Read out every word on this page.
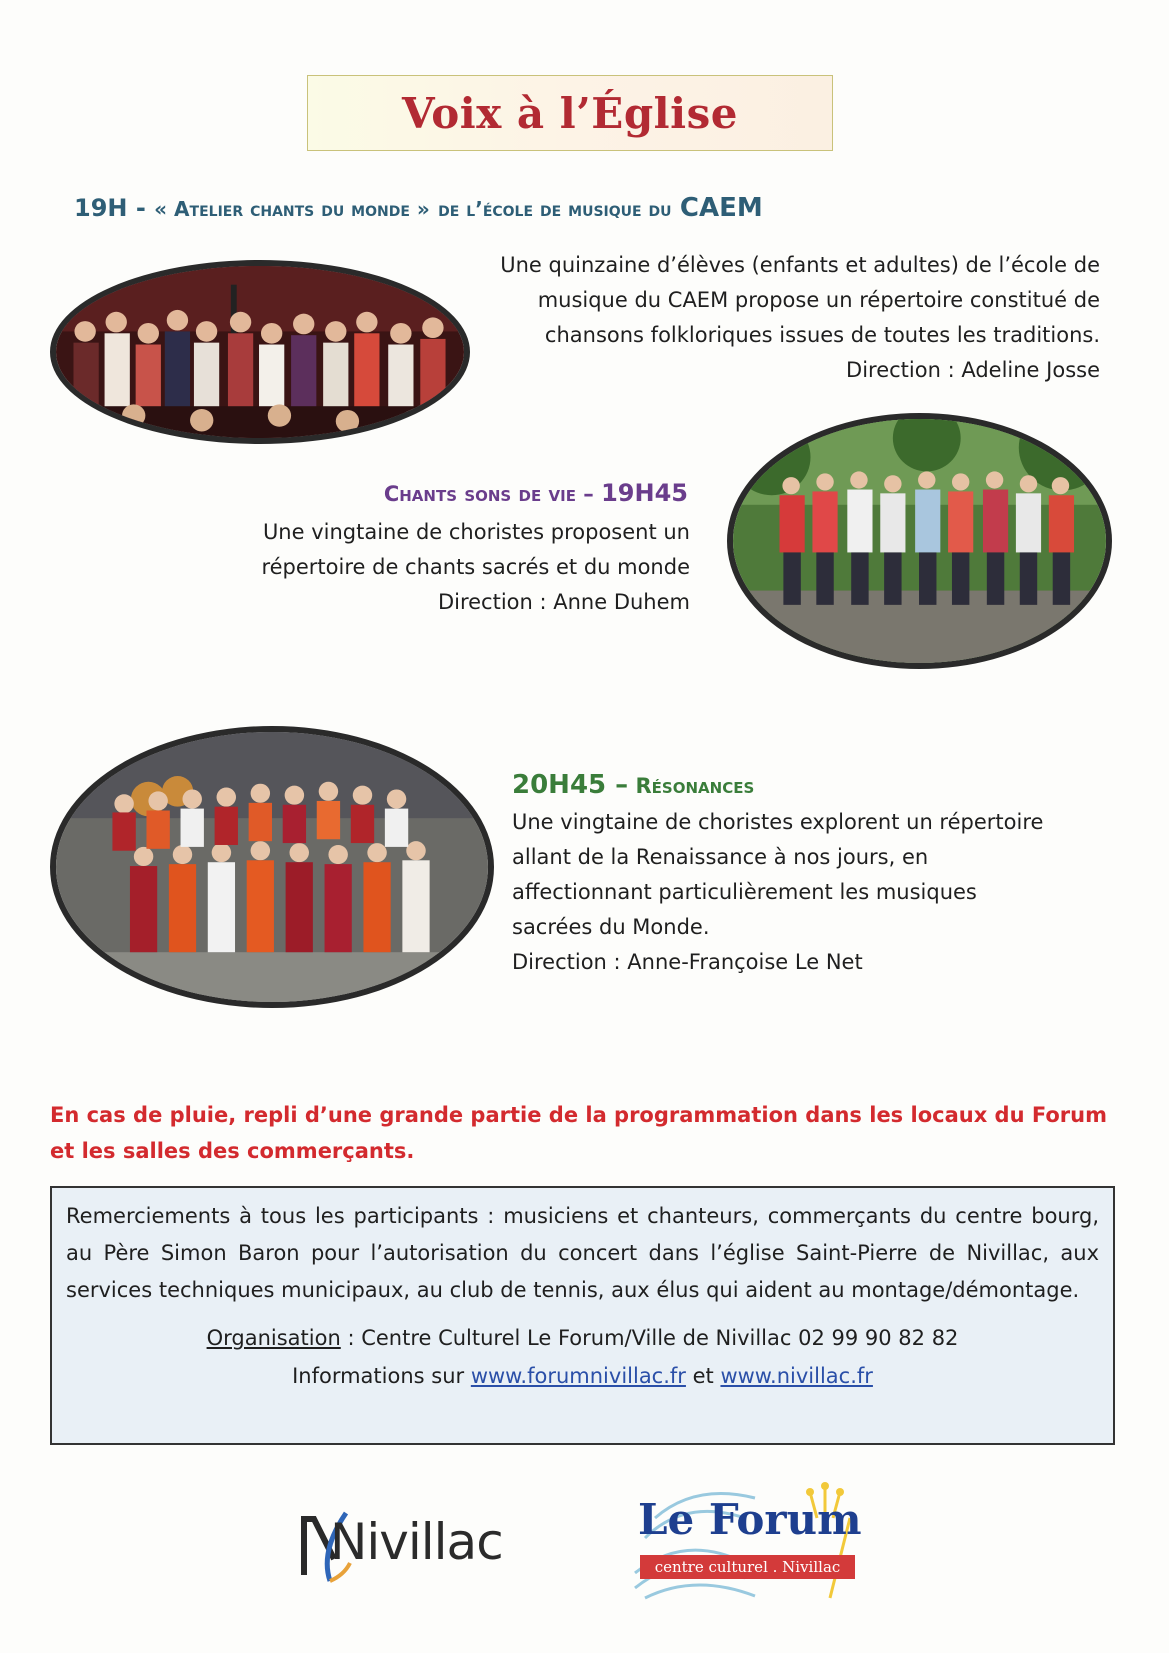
Voix à l’Église
19H - « Atelier chants du monde » de l’école de musique du CAEM
Une quinzaine d’élèves (enfants et adultes) de l’école de
musique du CAEM propose un répertoire constitué de
chansons folkloriques issues de toutes les traditions.
Direction : Adeline Josse
Chants sons de vie – 19H45
Une vingtaine de choristes proposent un
répertoire de chants sacrés et du monde
Direction : Anne Duhem
20H45 – Résonances
Une vingtaine de choristes explorent un répertoire
allant de la Renaissance à nos jours, en
affectionnant particulièrement les musiques
sacrées du Monde.
Direction : Anne-Françoise Le Net
En cas de pluie, repli d’une grande partie de la programmation dans les locaux du Forum et les salles des commerçants.

Remerciements à tous les participants : musiciens et chanteurs, commerçants du centre bourg, au Père Simon Baron pour l’autorisation du concert dans l’église Saint-Pierre de Nivillac, aux services techniques municipaux, au club de tennis, aux élus qui aident au montage/démontage.

Organisation : Centre Culturel Le Forum/Ville de Nivillac 02 99 90 82 82
Informations sur www.forumnivillac.fr et www.nivillac.fr
Nivillac	Le Forum
centre culturel . Nivillac
